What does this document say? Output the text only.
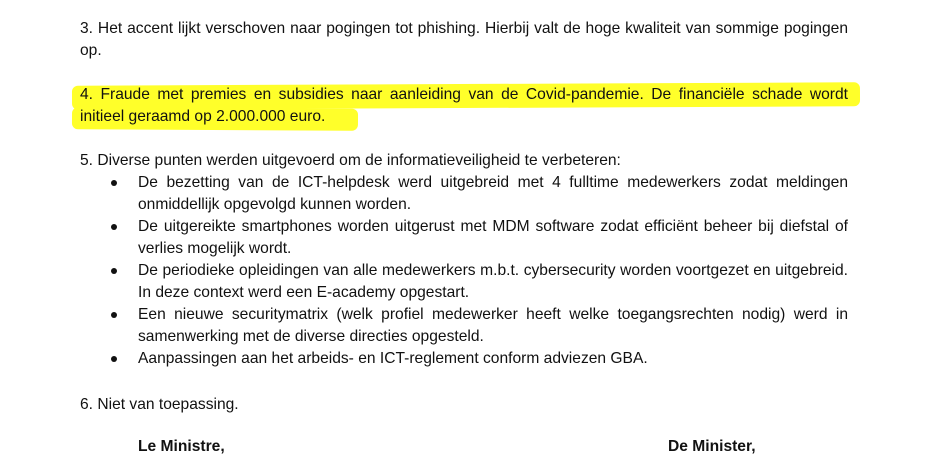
3. Het accent lijkt verschoven naar pogingen tot phishing. Hierbij valt de hoge kwaliteit van sommige pogingen op.

4. Fraude met premies en subsidies naar aanleiding van de Covid-pandemie. De financiële schade wordt initieel geraamd op 2.000.000 euro.

5. Diverse punten werden uitgevoerd om de informatieveiligheid te verbeteren:

De bezetting van de ICT-helpdesk werd uitgebreid met 4 fulltime medewerkers zodat meldingen onmiddellijk opgevolgd kunnen worden.
De uitgereikte smartphones worden uitgerust met MDM software zodat efficiënt beheer bij diefstal of verlies mogelijk wordt.
De periodieke opleidingen van alle medewerkers m.b.t. cybersecurity worden voortgezet en uitgebreid. In deze context werd een E-academy opgestart.
Een nieuwe securitymatrix (welk profiel medewerker heeft welke toegangsrechten nodig) werd in samenwerking met de diverse directies opgesteld.
Aanpassingen aan het arbeids- en ICT-reglement conform adviezen GBA.

6. Niet van toepassing.

Le Ministre,	De Minister,
